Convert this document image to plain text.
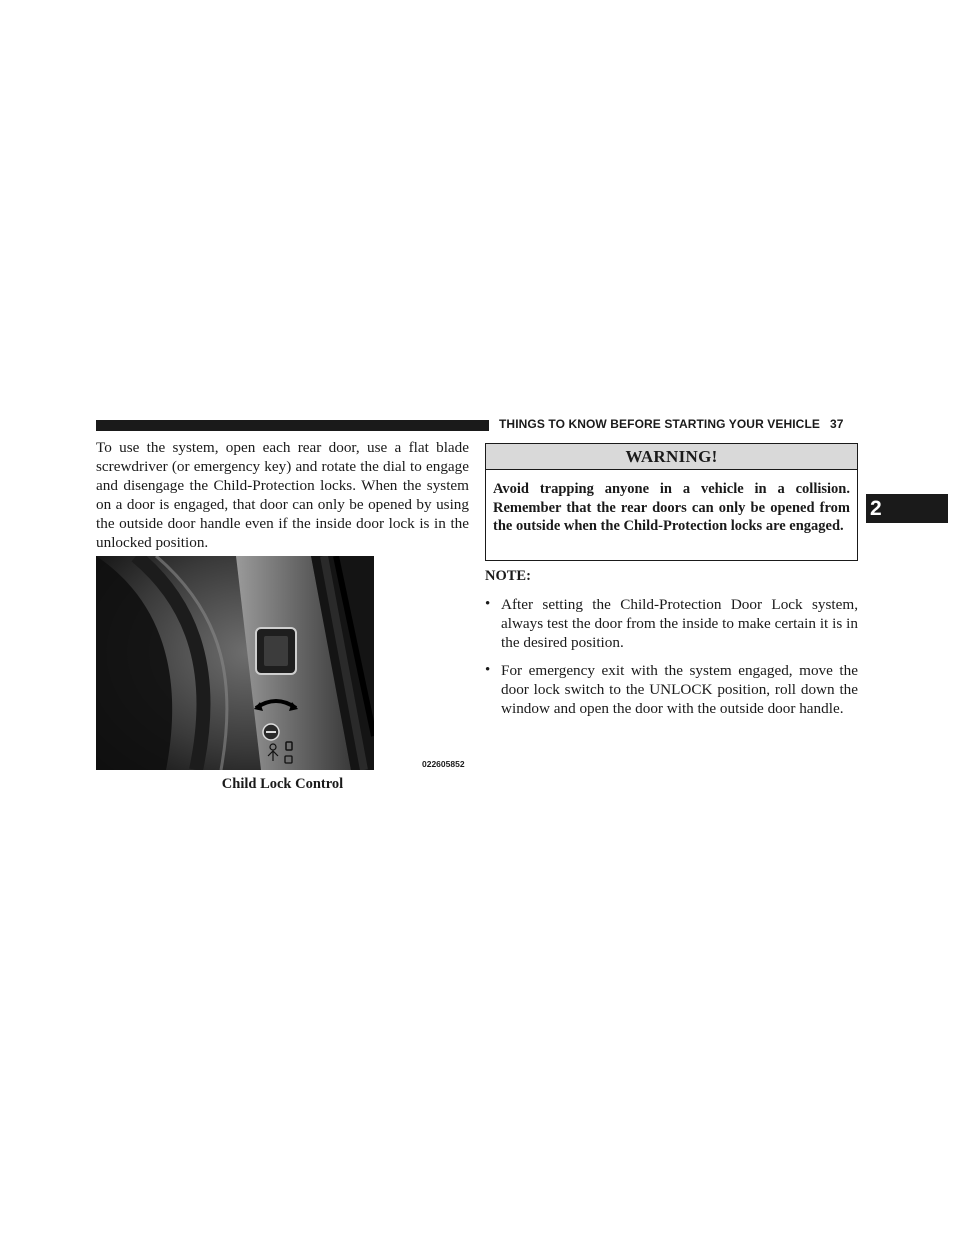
THINGS TO KNOW BEFORE STARTING YOUR VEHICLE 37
2

To use the system, open each rear door, use a flat blade screwdriver (or emergency key) and rotate the dial to engage and disengage the Child-Protection locks. When the system on a door is engaged, that door can only be opened by using the outside door handle even if the inside door lock is in the unlocked position.

022605852
Child Lock Control
WARNING!

Avoid trapping anyone in a vehicle in a collision. Remember that the rear doors can only be opened from the outside when the Child-Protection locks are engaged.

NOTE:
• After setting the Child-Protection Door Lock system, always test the door from the inside to make certain it is in the desired position.
• For emergency exit with the system engaged, move the door lock switch to the UNLOCK position, roll down the window and open the door with the outside door handle.
